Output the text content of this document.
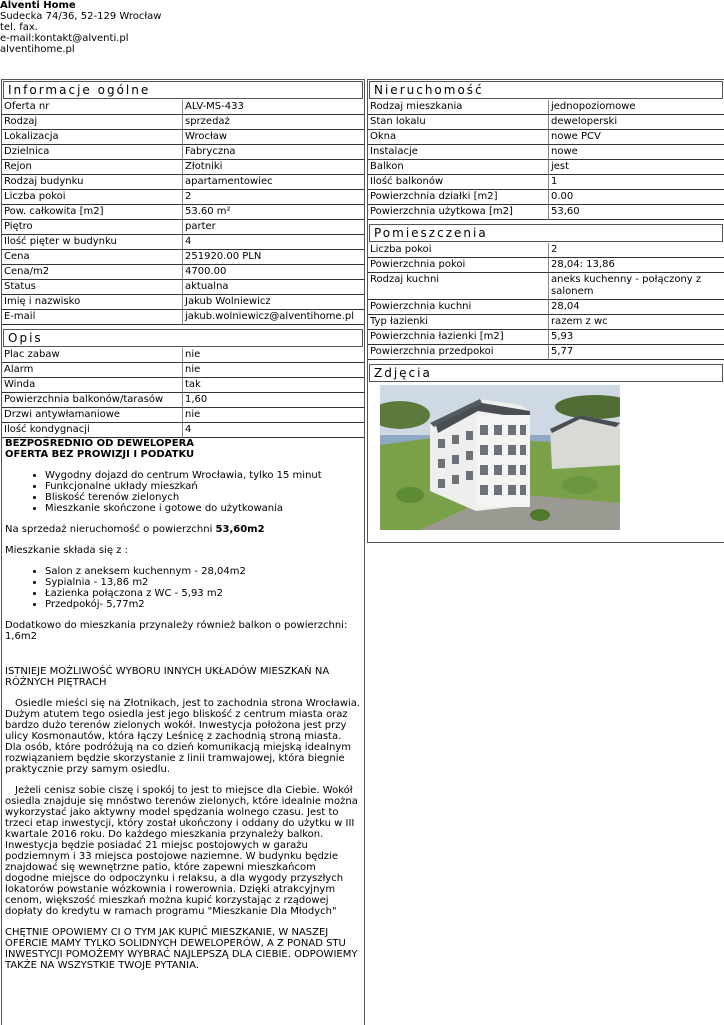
Alventi Home
Sudecka 74/36, 52-129 Wrocław
tel. fax.
e-mail:kontakt@alventi.pl
alventihome.pl
Informacje ogólne
Oferta nr	ALV-MS-433
Rodzaj	sprzedaż
Lokalizacja	Wrocław
Dzielnica	Fabryczna
Rejon	Złotniki
Rodzaj budynku	apartamentowiec
Liczba pokoi	2
Pow. całkowita [m2]	53.60 m²
Piętro	parter
Ilość pięter w budynku	4
Cena	251920.00 PLN
Cena/m2	4700.00
Status	aktualna
Imię i nazwisko	Jakub Wolniewicz
E-mail	jakub.wolniewicz@alventihome.pl
Opis
Plac zabaw	nie
Alarm	nie
Winda	tak
Powierzchnia balkonów/tarasów	1,60
Drzwi antywłamaniowe	nie
Ilość kondygnacji	4

BEZPOŚREDNIO OD DEWELOPERA

OFERTA BEZ PROWIZJI I PODATKU

• Wygodny dojazd do centrum Wrocławia, tylko 15 minut
• Funkcjonalne układy mieszkań
• Bliskość terenów zielonych
• Mieszkanie skończone i gotowe do użytkowania

Na sprzedaż nieruchomość o powierzchni 53,60m2

Mieszkanie składa się z :

• Salon z aneksem kuchennym - 28,04m2
• Sypialnia - 13,86 m2
• Łazienka połączona z WC - 5,93 m2
• Przedpokój- 5,77m2

Dodatkowo do mieszkania przynależy również balkon o powierzchni: 1,6m2

ISTNIEJE MOŻLIWOŚĆ WYBORU INNYCH UKŁADÓW MIESZKAŃ NA RÓŻNYCH PIĘTRACH

Osiedle mieści się na Złotnikach, jest to zachodnia strona Wrocławia. Dużym atutem tego osiedla jest jego bliskość z centrum miasta oraz bardzo dużo terenów zielonych wokół. Inwestycja położona jest przy ulicy Kosmonautów, która łączy Leśnicę z zachodnią stroną miasta. Dla osób, które podróżują na co dzień komunikacją miejską idealnym rozwiązaniem będzie skorzystanie z linii tramwajowej, która biegnie praktycznie przy samym osiedlu.

Jeżeli cenisz sobie ciszę i spokój to jest to miejsce dla Ciebie. Wokół osiedla znajduje się mnóstwo terenów zielonych, które idealnie można wykorzystać jako aktywny model spędzania wolnego czasu. Jest to trzeci etap inwestycji, który został ukończony i oddany do użytku w III kwartale 2016 roku. Do każdego mieszkania przynależy balkon. Inwestycja będzie posiadać 21 miejsc postojowych w garażu podziemnym i 33 miejsca postojowe naziemne. W budynku będzie znajdować się wewnętrzne patio, które zapewni mieszkańcom dogodne miejsce do odpoczynku i relaksu, a dla wygody przyszłych lokatorów powstanie wózkownia i rowerownia. Dzięki atrakcyjnym cenom, większość mieszkań można kupić korzystając z rządowej dopłaty do kredytu w ramach programu "Mieszkanie Dla Młodych"

CHĘTNIE OPOWIEMY CI O TYM JAK KUPIĆ MIESZKANIE, W NASZEJ OFERCIE MAMY TYLKO SOLIDNYCH DEWELOPERÓW, A Z PONAD STU INWESTYCJI POMOŻEMY WYBRAĆ NAJLEPSZĄ DLA CIEBIE. ODPOWIEMY TAKŻE NA WSZYSTKIE TWOJE PYTANIA.

Nieruchomość
Rodzaj mieszkania	jednopoziomowe
Stan lokalu	deweloperski
Okna	nowe PCV
Instalacje	nowe
Balkon	jest
Ilość balkonów	1
Powierzchnia działki [m2]	0.00
Powierzchnia użytkowa [m2]	53,60
Pomieszczenia
Liczba pokoi	2
Powierzchnia pokoi	28,04: 13,86
Rodzaj kuchni	aneks kuchenny - połączony z salonem
Powierzchnia kuchni	28,04
Typ łazienki	razem z wc
Powierzchnia łazienki [m2]	5,93
Powierzchnia przedpokoi	5,77
Zdjęcia
